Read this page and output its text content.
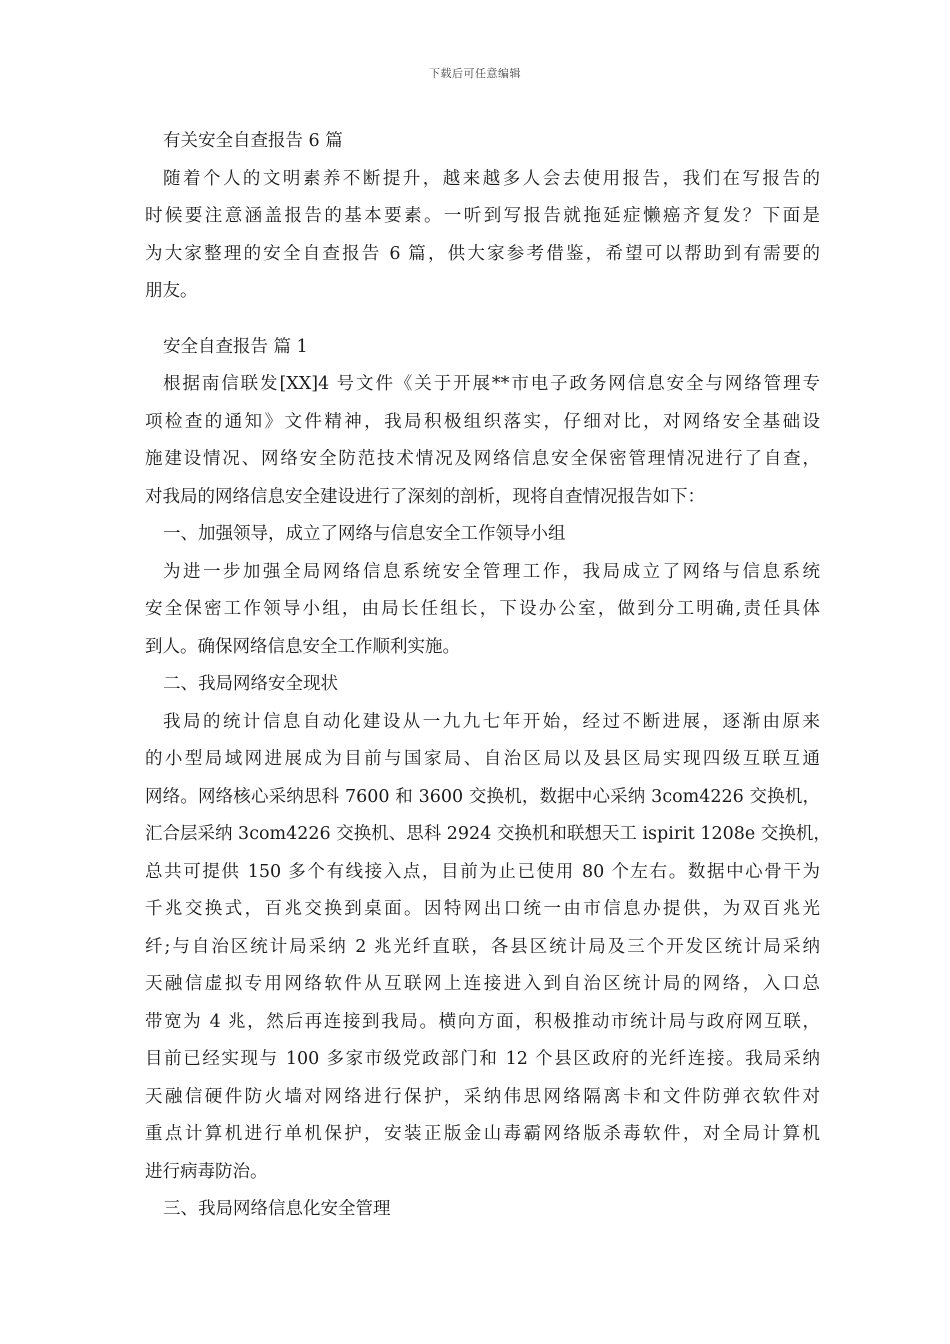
下载后可任意编辑
有关安全自查报告 6 篇
随着个人的文明素养不断提升，越来越多人会去使用报告，我们在写报告的
时候要注意涵盖报告的基本要素。一听到写报告就拖延症懒癌齐复发？下面是
为大家整理的安全自查报告 6 篇，供大家参考借鉴，希望可以帮助到有需要的
朋友。
安全自查报告 篇 1
根据南信联发[XX]4 号文件《关于开展**市电子政务网信息安全与网络管理专
项检查的通知》文件精神，我局积极组织落实，仔细对比，对网络安全基础设
施建设情况、网络安全防范技术情况及网络信息安全保密管理情况进行了自查，
对我局的网络信息安全建设进行了深刻的剖析，现将自查情况报告如下：
一、加强领导，成立了网络与信息安全工作领导小组
为进一步加强全局网络信息系统安全管理工作，我局成立了网络与信息系统
安全保密工作领导小组，由局长任组长，下设办公室，做到分工明确,责任具体
到人。确保网络信息安全工作顺利实施。
二、我局网络安全现状
我局的统计信息自动化建设从一九九七年开始，经过不断进展，逐渐由原来
的小型局域网进展成为目前与国家局、自治区局以及县区局实现四级互联互通
网络。网络核心采纳思科 7600 和 3600 交换机，数据中心采纳 3com4226 交换机，
汇合层采纳 3com4226 交换机、思科 2924 交换机和联想天工 ispirit 1208e 交换机，
总共可提供 150 多个有线接入点，目前为止已使用 80 个左右。数据中心骨干为
千兆交换式，百兆交换到桌面。因特网出口统一由市信息办提供，为双百兆光
纤;与自治区统计局采纳 2 兆光纤直联，各县区统计局及三个开发区统计局采纳
天融信虚拟专用网络软件从互联网上连接进入到自治区统计局的网络，入口总
带宽为 4 兆，然后再连接到我局。横向方面，积极推动市统计局与政府网互联，
目前已经实现与 100 多家市级党政部门和 12 个县区政府的光纤连接。我局采纳
天融信硬件防火墙对网络进行保护，采纳伟思网络隔离卡和文件防弹衣软件对
重点计算机进行单机保护，安装正版金山毒霸网络版杀毒软件，对全局计算机
进行病毒防治。
三、我局网络信息化安全管理
